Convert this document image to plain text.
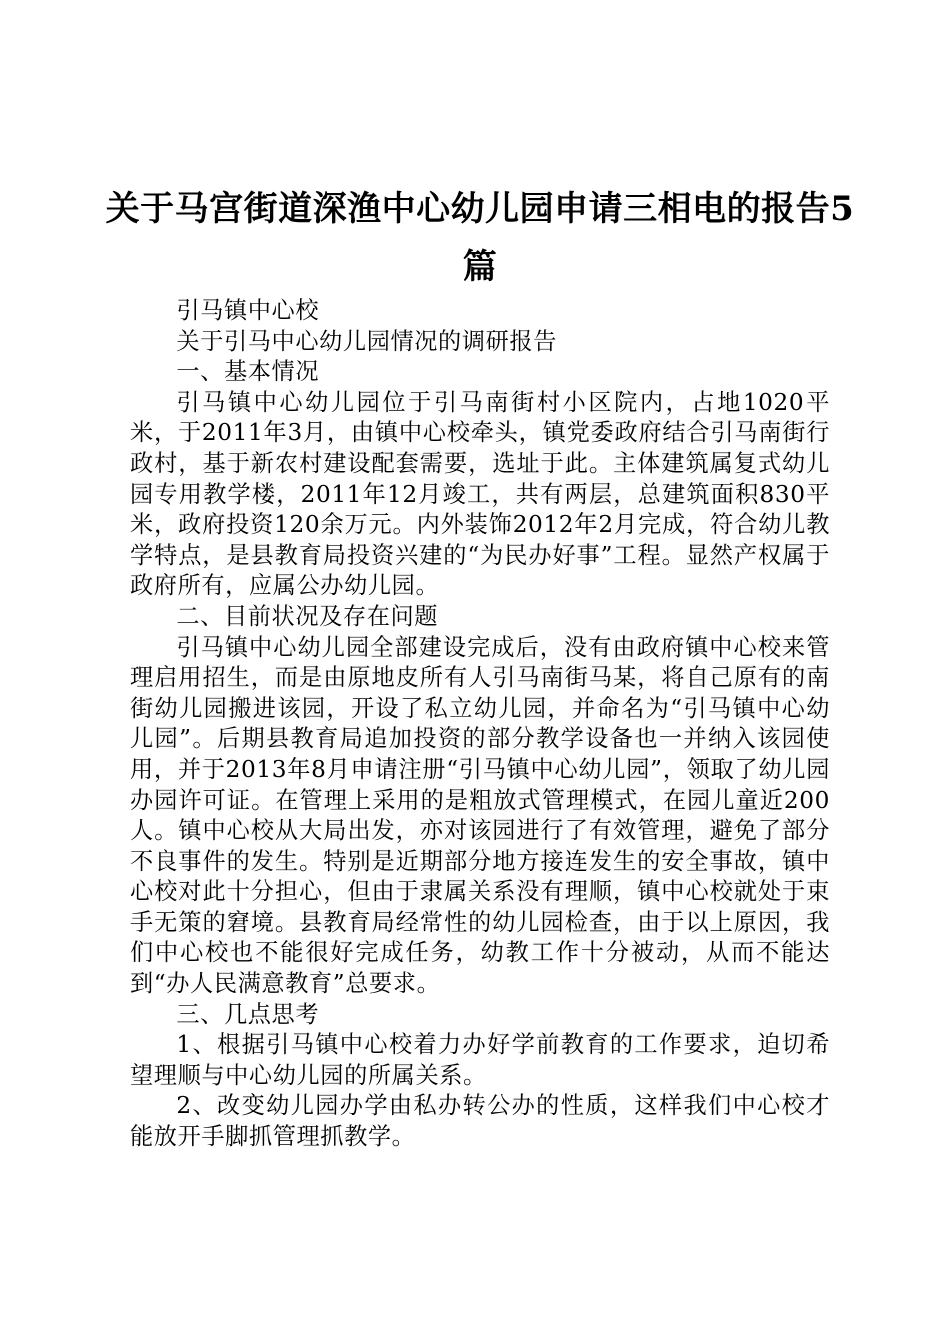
关于马宫街道深渔中心幼儿园申请三相电的报告5篇

引马镇中心校

关于引马中心幼儿园情况的调研报告

一、基本情况

引马镇中心幼儿园位于引马南街村小区院内，占地1020平米，于2011年3月，由镇中心校牵头，镇党委政府结合引马南街行政村，基于新农村建设配套需要，选址于此。主体建筑属复式幼儿园专用教学楼，2011年12月竣工，共有两层，总建筑面积830平米，政府投资120余万元。内外装饰2012年2月完成，符合幼儿教学特点，是县教育局投资兴建的“为民办好事”工程。显然产权属于政府所有，应属公办幼儿园。

二、目前状况及存在问题

引马镇中心幼儿园全部建设完成后，没有由政府镇中心校来管理启用招生，而是由原地皮所有人引马南街马某，将自己原有的南街幼儿园搬进该园，开设了私立幼儿园，并命名为“引马镇中心幼儿园”。后期县教育局追加投资的部分教学设备也一并纳入该园使用，并于2013年8月申请注册“引马镇中心幼儿园”，领取了幼儿园办园许可证。在管理上采用的是粗放式管理模式，在园儿童近200人。镇中心校从大局出发，亦对该园进行了有效管理，避免了部分不良事件的发生。特别是近期部分地方接连发生的安全事故，镇中心校对此十分担心，但由于隶属关系没有理顺，镇中心校就处于束手无策的窘境。县教育局经常性的幼儿园检查，由于以上原因，我们中心校也不能很好完成任务，幼教工作十分被动，从而不能达到“办人民满意教育”总要求。

三、几点思考

1、根据引马镇中心校着力办好学前教育的工作要求，迫切希望理顺与中心幼儿园的所属关系。

2、改变幼儿园办学由私办转公办的性质，这样我们中心校才能放开手脚抓管理抓教学。
